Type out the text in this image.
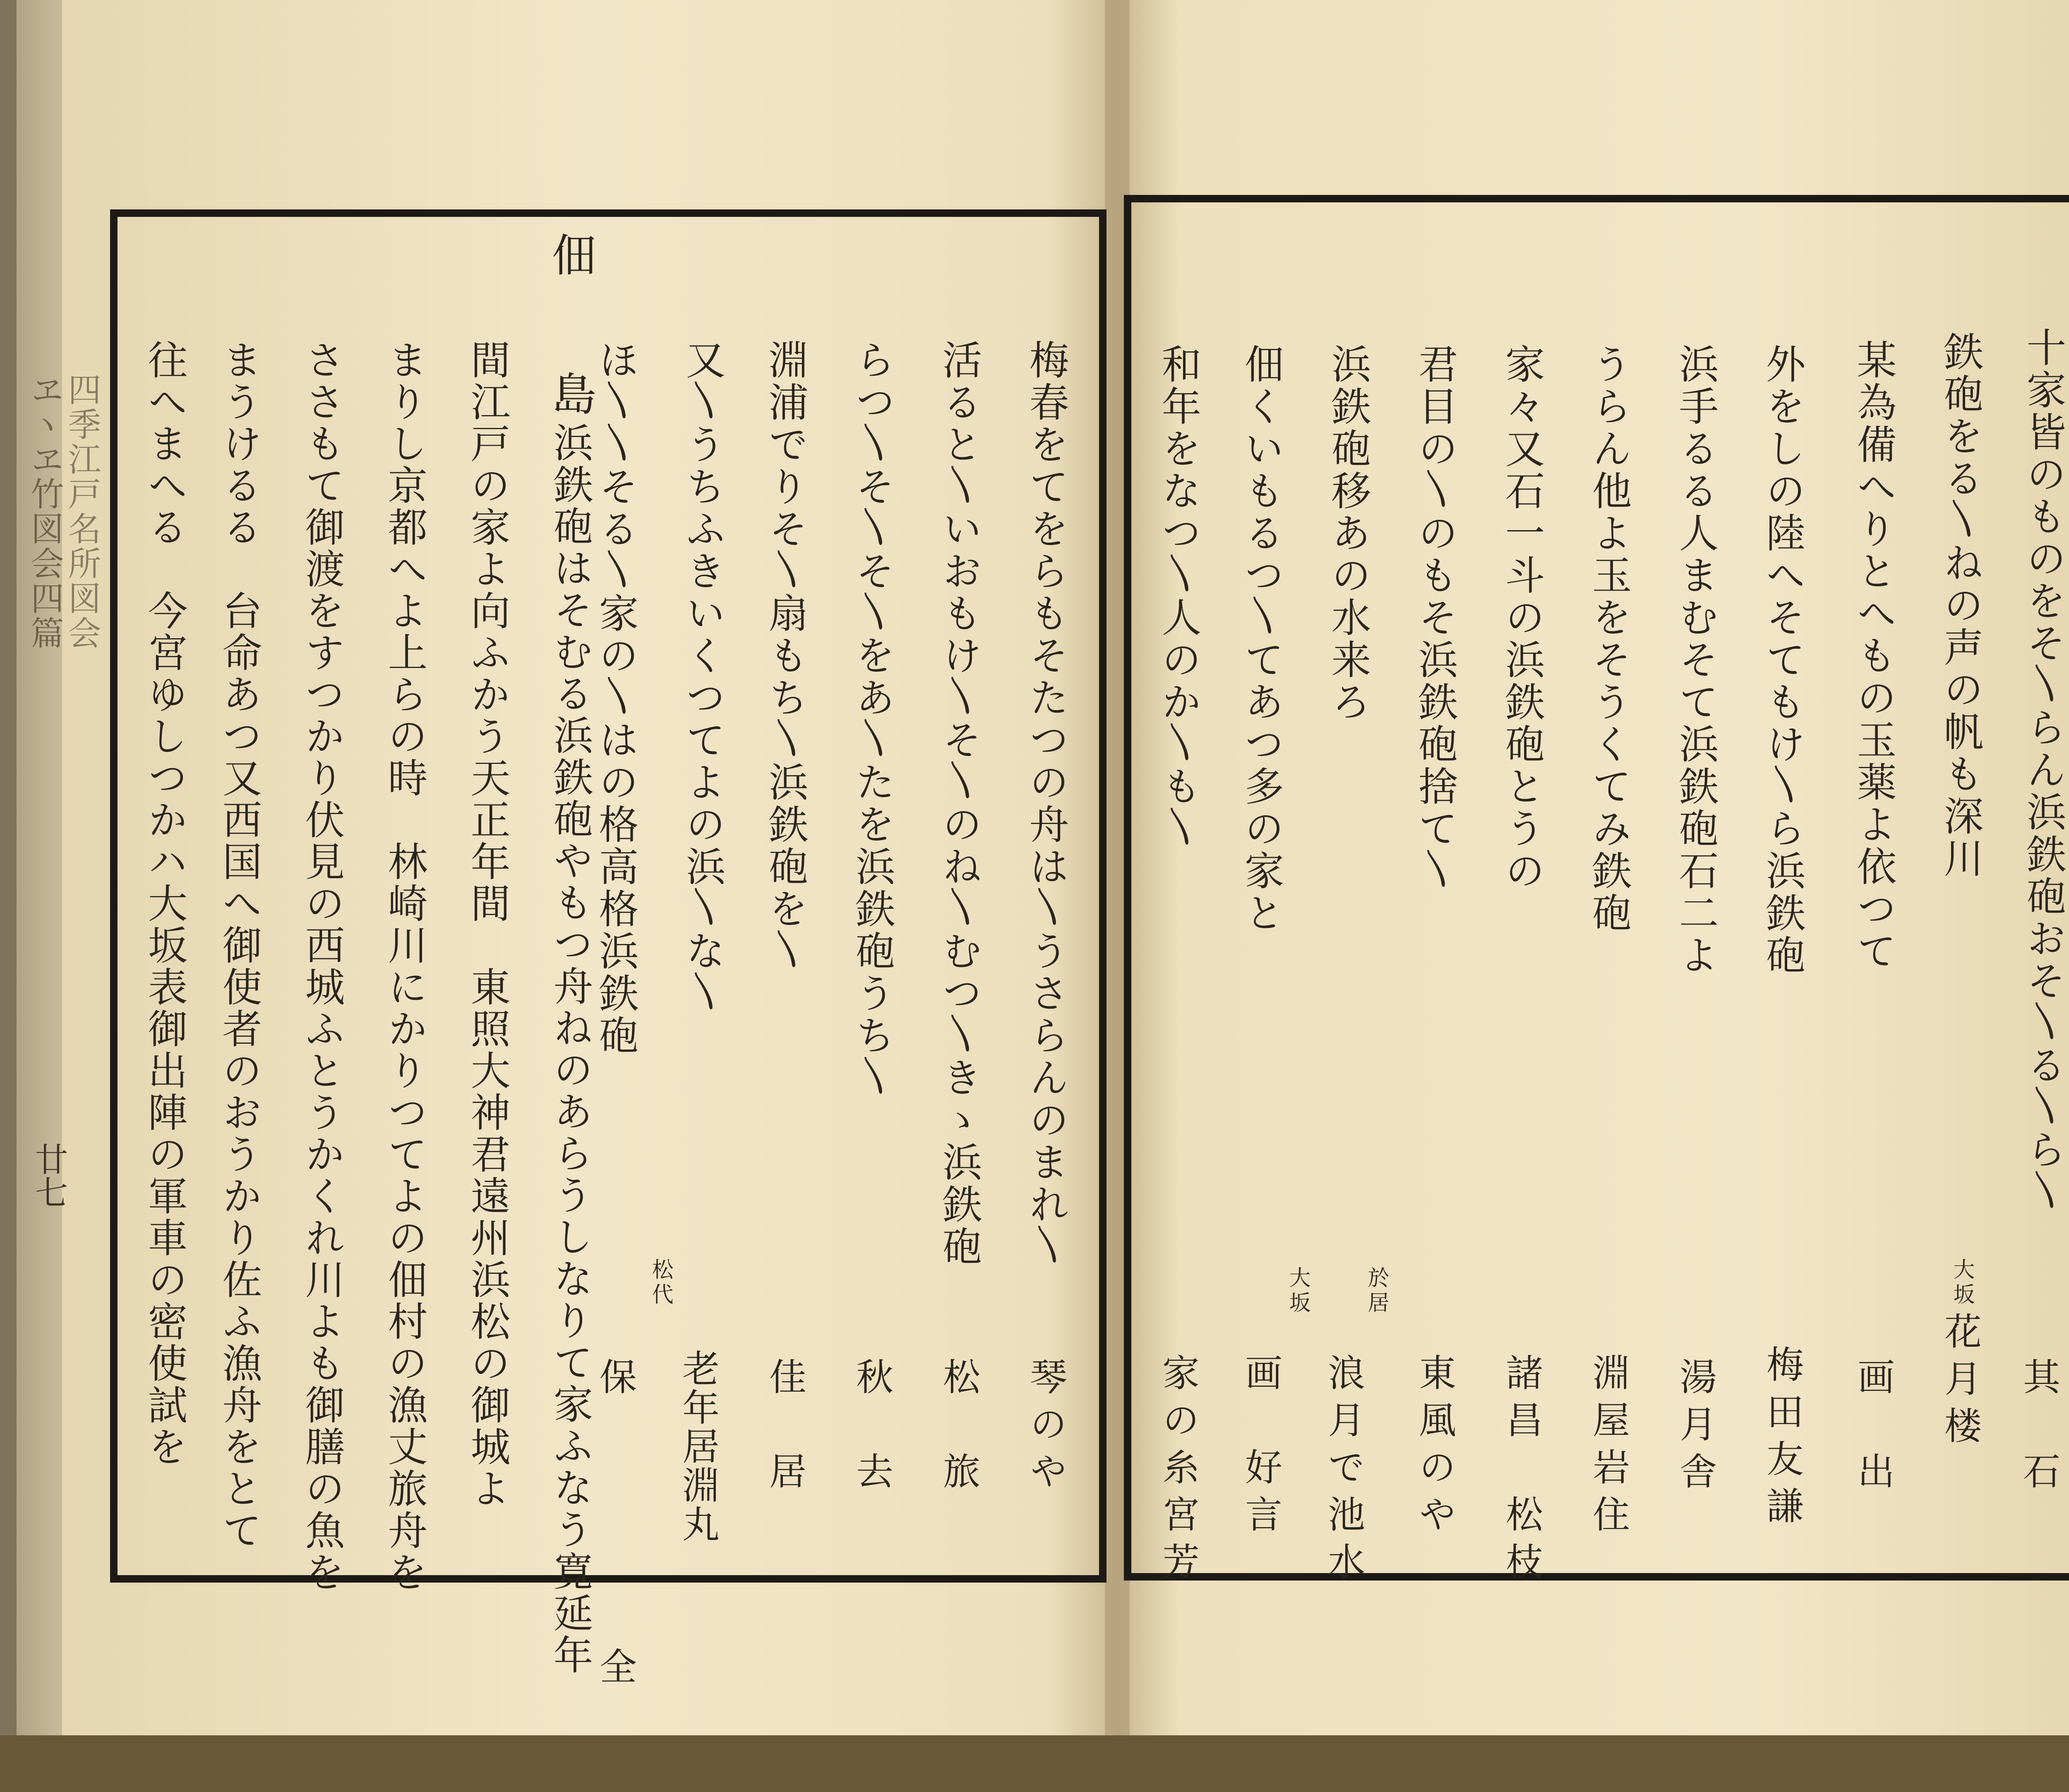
十家皆のものをそ〵らん浜鉄砲おそ〵る〵ら〵
其　石
鉄砲をる〵ねの声の帆も深川
大坂
花月楼
某為備へりとへもの玉薬よ依つて
画　出
外をしの陸へそてもけ〵ら浜鉄砲
梅田友謙
浜手るる人まむそて浜鉄砲石二よ
湯月舎
うらん他よ玉をそうくてみ鉄砲
淵屋岩住
家々又石一斗の浜鉄砲とうの
諸昌　松枝
君目の〵のもそ浜鉄砲捨て〵
東風のや
浜鉄砲移あの水来ろ
於居
浪月で池水
佃くいもるつ〵てあつ多の家と
大坂
画　好言
和年をなつ〵人のか〵も〵
家の糸宮芳
梅春をてをらもそたつの舟は〵うさらんのまれ〵
琴のや
活ると〵いおもけ〵そ〵のね〵むつ〵きゝ浜鉄砲
松　旅
らつ〵そ〵そ〵をあ〵たを浜鉄砲うち〵
秋　去
淵浦でりそ〵扇もち〵浜鉄砲を〵
佳　居
又〵うちふきいくつてよの浜〵な〵
老年居淵丸
ほ〵〵そる〵家の〵はの格高格浜鉄砲
松代
保　全
佃　島
浜鉄砲はそむる浜鉄砲やもつ舟ねのあらうしなりて家ふなう寛延年
間江戸の家よ向ふかう天正年間　東照大神君遠州浜松の御城よ
まりし京都へよ上らの時　林崎川にかりつてよの佃村の漁丈旅舟を
ささもて御渡をすつかり伏見の西城ふとうかくれ川よも御膳の魚を
まうけるる　台命あつ又西国へ御使者のおうかり佐ふ漁舟をとて
往へまへる　今宮ゆしつかハ大坂表御出陣の軍車の密使試を
四季江戸名所図会
ヱヽヱ竹図会四篇
廿七
